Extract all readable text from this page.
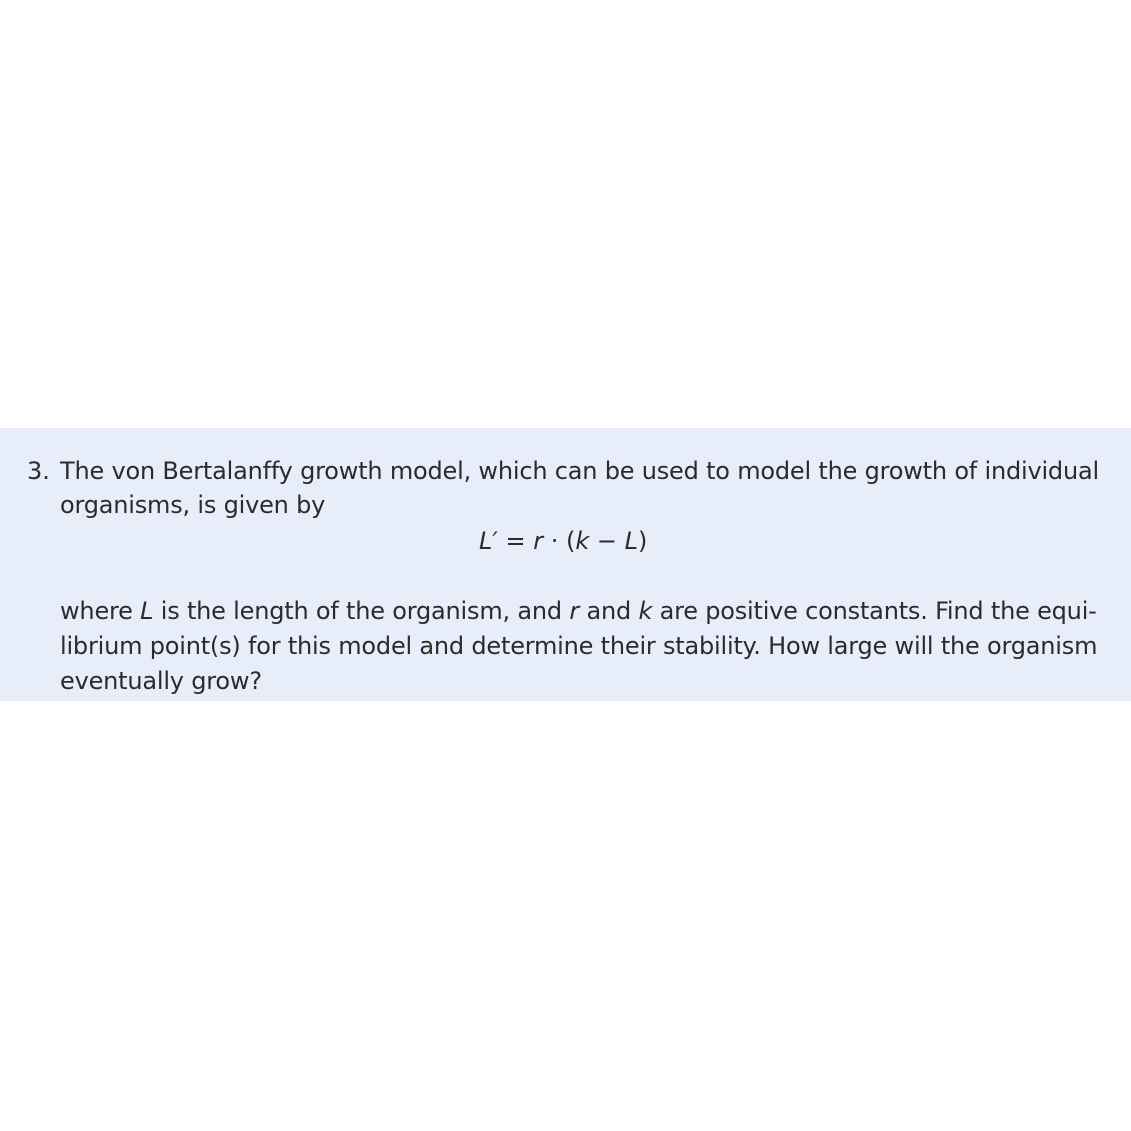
3. The von Bertalanffy growth model, which can be used to model the growth of individual
organisms, is given by
L′ = r · (k − L)
where L is the length of the organism, and r and k are positive constants. Find the equi-
librium point(s) for this model and determine their stability. How large will the organism
eventually grow?
